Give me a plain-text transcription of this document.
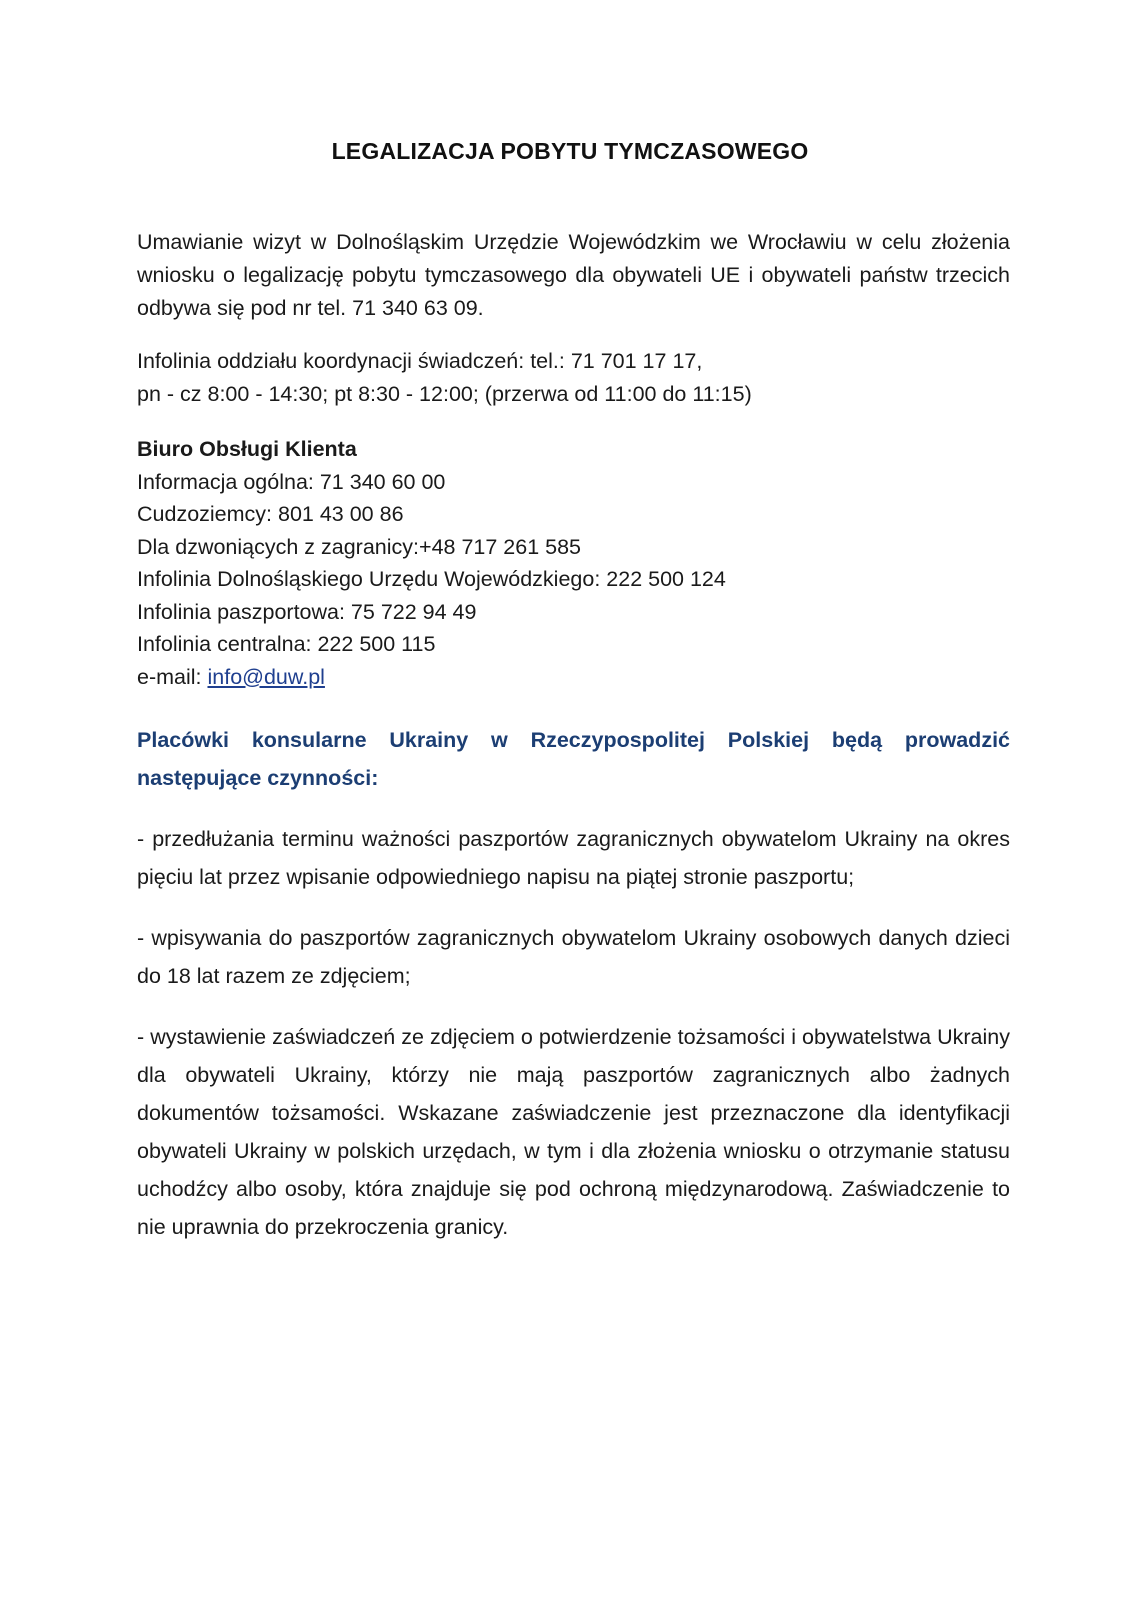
LEGALIZACJA POBYTU TYMCZASOWEGO

Umawianie wizyt w Dolnośląskim Urzędzie Wojewódzkim we Wrocławiu w celu złożenia wniosku o legalizację pobytu tymczasowego dla obywateli UE i obywateli państw trzecich odbywa się pod nr tel. 71 340 63 09.

Infolinia oddziału koordynacji świadczeń: tel.: 71 701 17 17,
pn - cz 8:00 - 14:30; pt 8:30 - 12:00; (przerwa od 11:00 do 11:15)

Biuro Obsługi Klienta
Informacja ogólna: 71 340 60 00
Cudzoziemcy: 801 43 00 86
Dla dzwoniących z zagranicy:+48 717 261 585
Infolinia Dolnośląskiego Urzędu Wojewódzkiego: 222 500 124
Infolinia paszportowa: 75 722 94 49
Infolinia centralna: 222 500 115
e-mail: info@duw.pl

Placówki konsularne Ukrainy w Rzeczypospolitej Polskiej będą prowadzić następujące czynności:

- przedłużania terminu ważności paszportów zagranicznych obywatelom Ukrainy na okres pięciu lat przez wpisanie odpowiedniego napisu na piątej stronie paszportu;

- wpisywania do paszportów zagranicznych obywatelom Ukrainy osobowych danych dzieci do 18 lat razem ze zdjęciem;

- wystawienie zaświadczeń ze zdjęciem o potwierdzenie tożsamości i obywatelstwa Ukrainy dla obywateli Ukrainy, którzy nie mają paszportów zagranicznych albo żadnych dokumentów tożsamości. Wskazane zaświadczenie jest przeznaczone dla identyfikacji obywateli Ukrainy w polskich urzędach, w tym i dla złożenia wniosku o otrzymanie statusu uchodźcy albo osoby, która znajduje się pod ochroną międzynarodową. Zaświadczenie to nie uprawnia do przekroczenia granicy.
